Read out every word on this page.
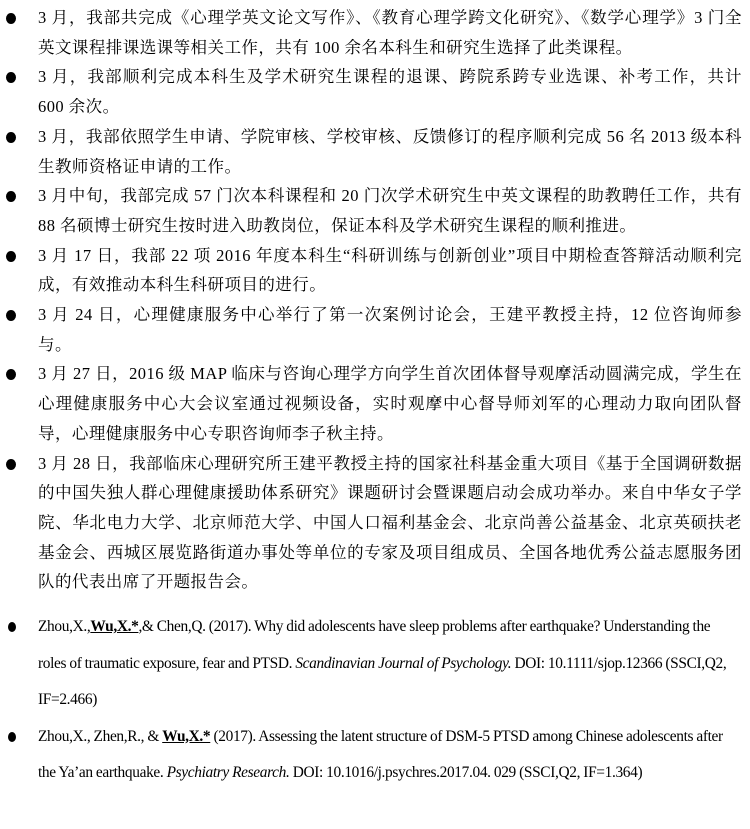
3 月，我部共完成《心理学英文论文写作》、《教育心理学跨文化研究》、《数学心理学》3 门全英文课程排课选课等相关工作，共有 100 余名本科生和研究生选择了此类课程。
3 月，我部顺利完成本科生及学术研究生课程的退课、跨院系跨专业选课、补考工作，共计 600 余次。
3 月，我部依照学生申请、学院审核、学校审核、反馈修订的程序顺利完成 56 名 2013 级本科生教师资格证申请的工作。
3 月中旬，我部完成 57 门次本科课程和 20 门次学术研究生中英文课程的助教聘任工作，共有 88 名硕博士研究生按时进入助教岗位，保证本科及学术研究生课程的顺利推进。
3 月 17 日，我部 22 项 2016 年度本科生“科研训练与创新创业”项目中期检查答辩活动顺利完成，有效推动本科生科研项目的进行。
3 月 24 日，心理健康服务中心举行了第一次案例讨论会，王建平教授主持，12 位咨询师参与。
3 月 27 日，2016 级 MAP 临床与咨询心理学方向学生首次团体督导观摩活动圆满完成，学生在心理健康服务中心大会议室通过视频设备，实时观摩中心督导师刘军的心理动力取向团队督导，心理健康服务中心专职咨询师李子秋主持。
3 月 28 日，我部临床心理研究所王建平教授主持的国家社科基金重大项目《基于全国调研数据的中国失独人群心理健康援助体系研究》课题研讨会暨课题启动会成功举办。来自中华女子学院、华北电力大学、北京师范大学、中国人口福利基金会、北京尚善公益基金、北京英硕扶老基金会、西城区展览路街道办事处等单位的专家及项目组成员、全国各地优秀公益志愿服务团队的代表出席了开题报告会。
Zhou,X.,Wu,X.*,& Chen,Q. (2017). Why did adolescents have sleep problems after earthquake? Understanding the roles of traumatic exposure, fear and PTSD. Scandinavian Journal of Psychology. DOI: 10.1111/sjop.12366 (SSCI,Q2, IF=2.466)
Zhou,X., Zhen,R., & Wu,X.* (2017). Assessing the latent structure of DSM-5 PTSD among Chinese adolescents after the Ya’an earthquake. Psychiatry Research. DOI: 10.1016/j.psychres.2017.04. 029 (SSCI,Q2, IF=1.364)
